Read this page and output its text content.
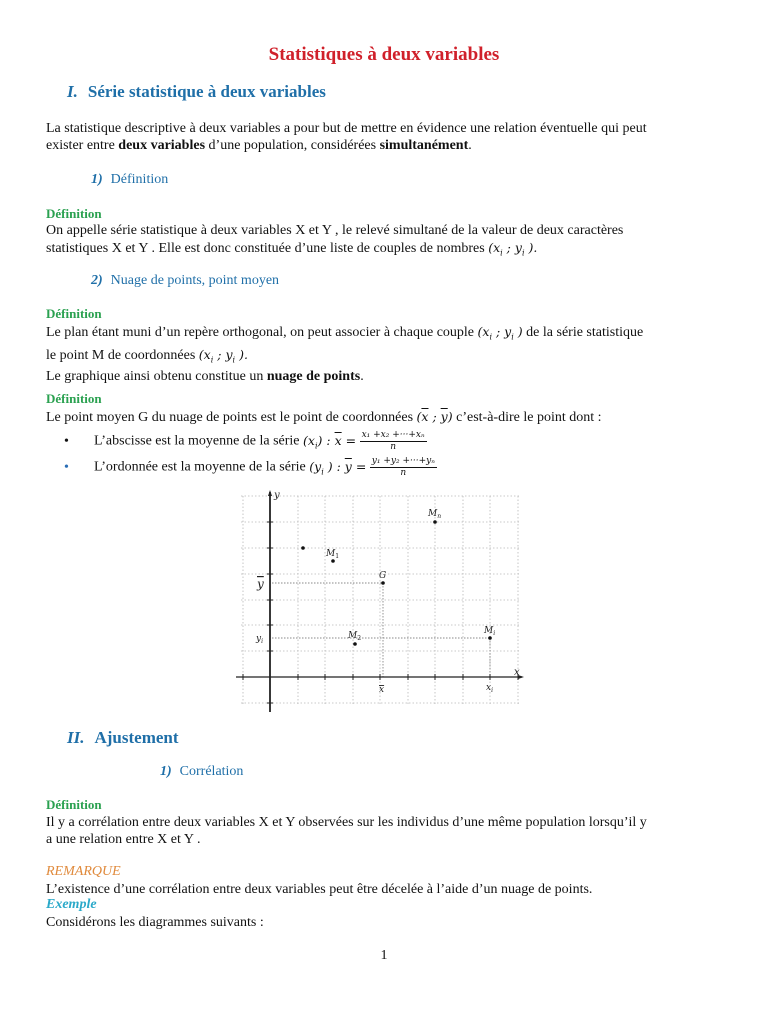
Statistiques à deux variables
I. Série statistique à deux variables
La statistique descriptive à deux variables a pour but de mettre en évidence une relation éventuelle qui peut
exister entre deux variables d’une population, considérées simultanément.
1) Définition
Définition
On appelle série statistique à deux variables X et Y , le relevé simultané de la valeur de deux caractères
statistiques X et Y . Elle est donc constituée d’une liste de couples de nombres ($x_i$ ; $y_i$ ).
2) Nuage de points, point moyen
Définition
Le plan étant muni d’un repère orthogonal, on peut associer à chaque couple ($x_i$ ; $y_i$ ) de la série statistique
le point M de coordonnées ($x_i$ ; $y_i$ ).
Le graphique ainsi obtenu constitue un nuage de points.
Définition
Le point moyen G du nuage de points est le point de coordonnées ($\overline{x}$ ; $\overline{y}$) c’est-à-dire le point dont :
• L’abscisse est la moyenne de la série $(x_i)$ : $\overline{x} = \frac{\text{x₁ +x₂ +···+xₙ}}{n}$
• L’ordonnée est la moyenne de la série ($y_i$ ) : $\overline{y} = \frac{\text{y₁ +y₂ +···+yₙ}}{n}$
y
x
y
$y_i$
x	$x_i$
$M_1$
G
$M_n$
$M_2$
$M_i$
II. Ajustement
1) Corrélation
Définition
Il y a corrélation entre deux variables X et Y observées sur les individus d’une même population lorsqu’il y
a une relation entre X et Y .
REMARQUE
L’existence d’une corrélation entre deux variables peut être décelée à l’aide d’un nuage de points.
Exemple
Considérons les diagrammes suivants :
1
